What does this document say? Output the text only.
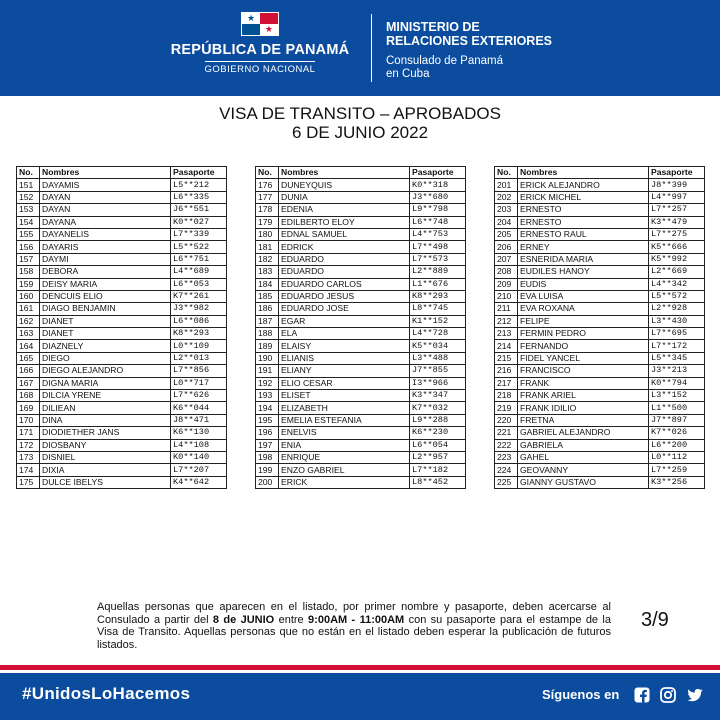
★
★
REPÚBLICA DE PANAMÁ
GOBIERNO NACIONAL
MINISTERIO DE
RELACIONES EXTERIORES
Consulado de Panamá
en Cuba
VISA DE TRANSITO – APROBADOS
6 DE JUNIO 2022
No.	Nombres	Pasaporte
151	DAYAMIS	L5**212
152	DAYAN	L6**335
153	DAYAN	J6**551
154	DAYANA	K0**027
155	DAYANELIS	L7**339
156	DAYARIS	L5**522
157	DAYMI	L6**751
158	DEBORA	L4**689
159	DEISY MARIA	L6**053
160	DENCUIS ELIO	K7**261
161	DIAGO BENJAMIN	J3**982
162	DIANET	L6**086
163	DIANET	K8**293
164	DIAZNELY	L0**109
165	DIEGO	L2**013
166	DIEGO ALEJANDRO	L7**856
167	DIGNA MARIA	L0**717
168	DILCIA YRENE	L7**626
169	DILIEAN	K6**044
170	DINA	J8**471
171	DIODIETHER JANS	K6**130
172	DIOSBANY	L4**108
173	DISNIEL	K0**140
174	DIXIA	L7**207
175	DULCE IBELYS	K4**642
No.	Nombres	Pasaporte
176	DUNEYQUIS	K0**318
177	DUNIA	J3**680
178	EDENIA	L9**798
179	EDILBERTO ELOY	L6**748
180	EDNAL SAMUEL	L4**753
181	EDRICK	L7**498
182	EDUARDO	L7**573
183	EDUARDO	L2**889
184	EDUARDO CARLOS	L1**676
185	EDUARDO JESUS	K8**293
186	EDUARDO JOSE	L8**745
187	EGAR	K1**152
188	ELA	L4**728
189	ELAISY	K5**034
190	ELIANIS	L3**488
191	ELIANY	J7**855
192	ELIO CESAR	I3**966
193	ELISET	K3**347
194	ELIZABETH	K7**032
195	EMELIA ESTEFANIA	L9**288
196	ENELVIS	K6**230
197	ENIA	L6**054
198	ENRIQUE	L2**957
199	ENZO GABRIEL	L7**182
200	ERICK	L8**452
No.	Nombres	Pasaporte
201	ERICK ALEJANDRO	J8**399
202	ERICK MICHEL	L4**997
203	ERNESTO	L7**257
204	ERNESTO	K3**479
205	ERNESTO RAUL	L7**275
206	ERNEY	K5**666
207	ESNERIDA MARIA	K5**992
208	EUDILES HANOY	L2**669
209	EUDIS	L4**342
210	EVA LUISA	L5**572
211	EVA ROXANA	L2**928
212	FELIPE	L3**430
213	FERMIN PEDRO	L7**695
214	FERNANDO	L7**172
215	FIDEL YANCEL	L5**345
216	FRANCISCO	J3**213
217	FRANK	K0**794
218	FRANK ARIEL	L3**152
219	FRANK IDILIO	L1**500
220	FRETNA	J7**897
221	GABRIEL ALEJANDRO	K7**026
222	GABRIELA	L6**200
223	GAHEL	L0**112
224	GEOVANNY	L7**259
225	GIANNY GUSTAVO	K3**256
Aquellas personas que aparecen en el listado, por primer nombre y pasaporte, deben acercarse al Consulado a partir del 8 de JUNIO entre 9:00AM - 11:00AM con su pasaporte para el estampe de la Visa de Transito. Aquellas personas que no están en el listado deben esperar la publicación de futuros listados.
3/9
#UnidosLoHacemos	Síguenos en
